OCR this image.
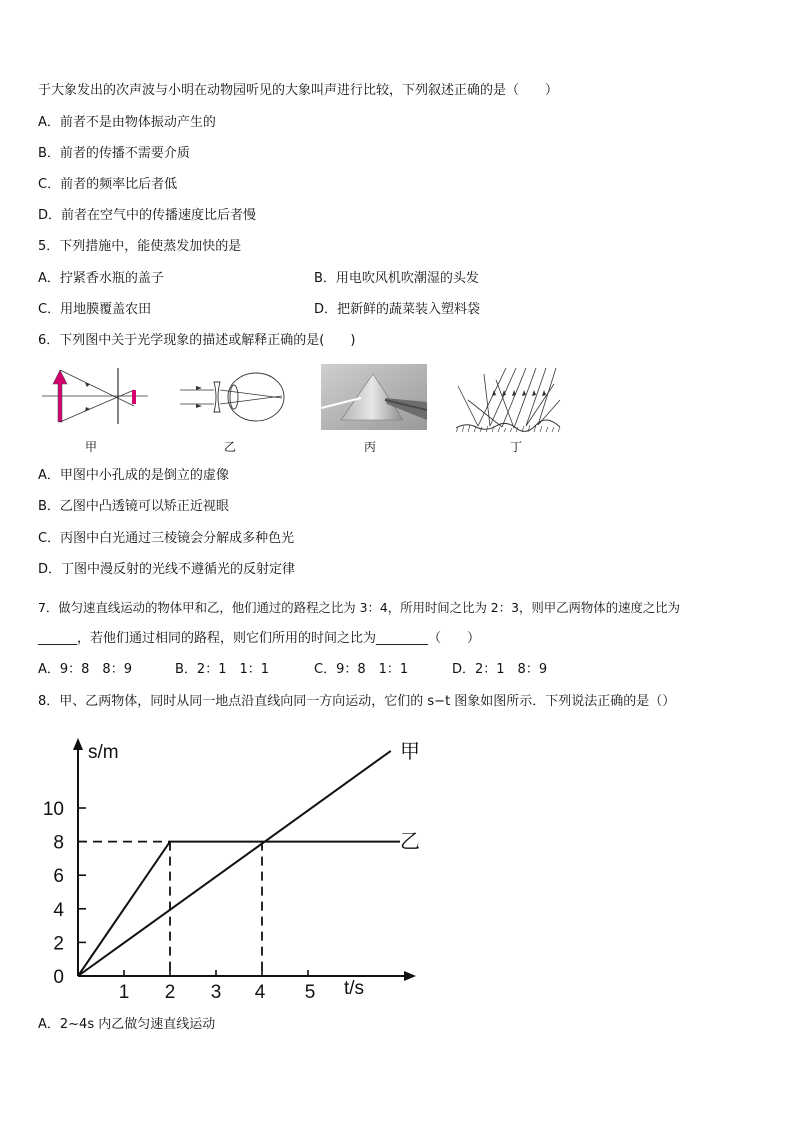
于大象发出的次声波与小明在动物园听见的大象叫声进行比较，下列叙述正确的是（　　）
A．前者不是由物体振动产生的
B．前者的传播不需要介质
C．前者的频率比后者低
D．前者在空气中的传播速度比后者慢
5．下列措施中，能使蒸发加快的是
A．拧紧香水瓶的盖子	B．用电吹风机吹潮湿的头发
C．用地膜覆盖农田	D．把新鲜的蔬菜装入塑料袋
6．下列图中关于光学现象的描述或解释正确的是(　　)
甲	乙	丙	丁
A．甲图中小孔成的是倒立的虚像
B．乙图中凸透镜可以矫正近视眼
C．丙图中白光通过三棱镜会分解成多种色光
D．丁图中漫反射的光线不遵循光的反射定律
7．做匀速直线运动的物体甲和乙，他们通过的路程之比为 3：4，所用时间之比为 2：3，则甲乙两物体的速度之比为
______，若他们通过相同的路程，则它们所用的时间之比为________（　　）
A．9：8　8：9	B．2：1　1：1	C．9：8　1：1	D．2：1　8：9
8．甲、乙两物体，同时从同一地点沿直线向同一方向运动，它们的 s−t 图象如图所示．下列说法正确的是（）
1 2 3 4 5
0
2
4
6
8
10
s/m
t/s
甲
乙
A．2~4s 内乙做匀速直线运动
